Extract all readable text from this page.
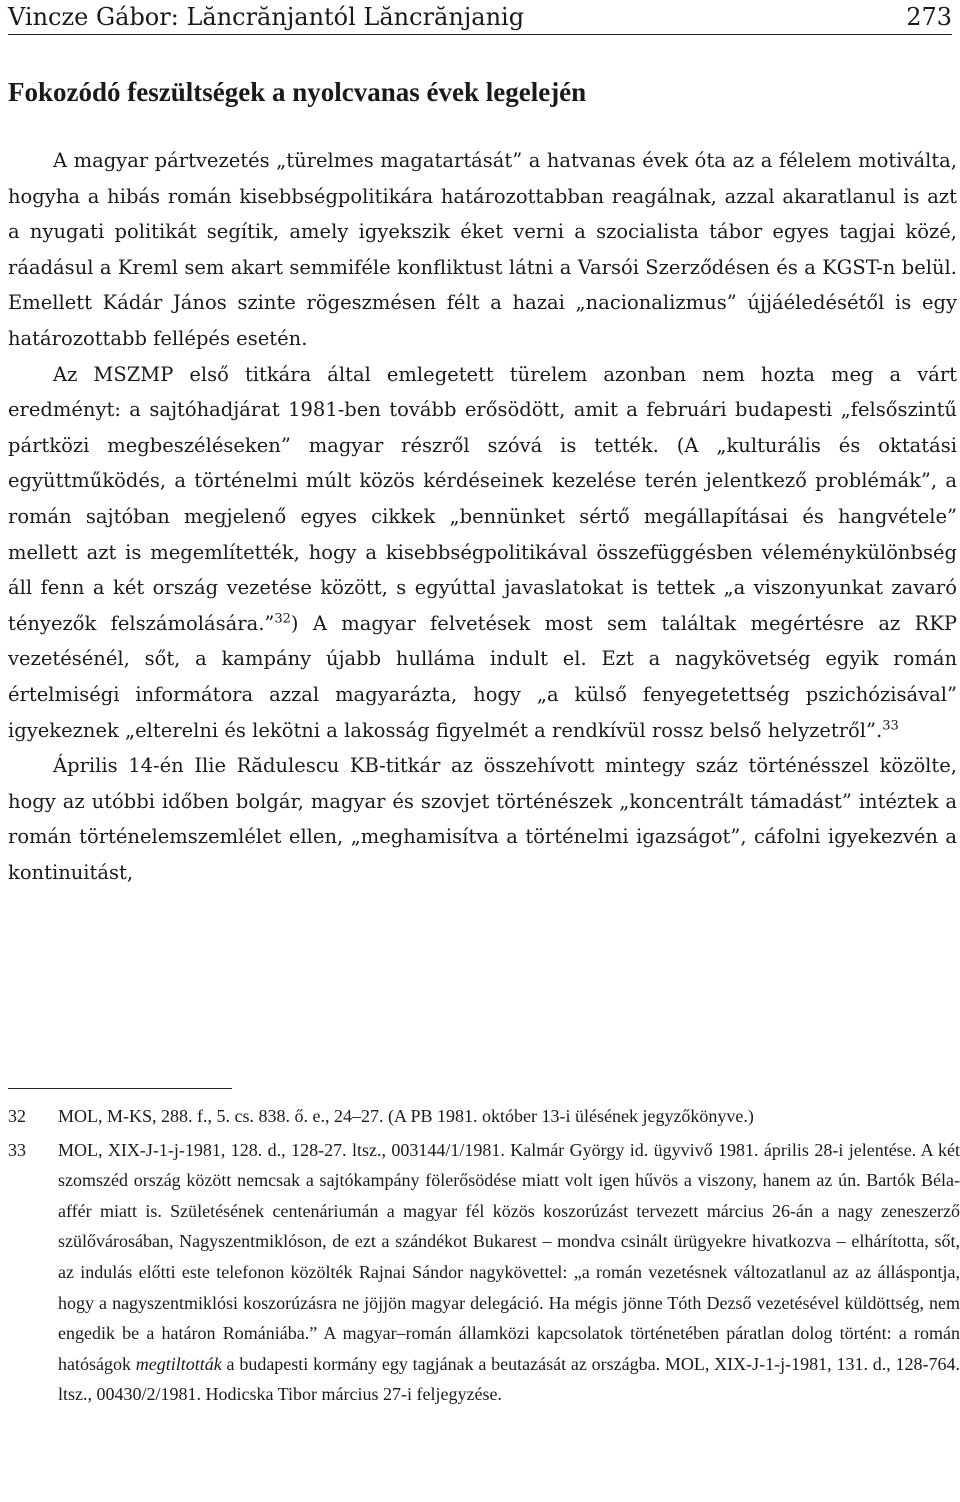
Vincze Gábor: Lăncrănjantól Lăncrănjanig	273
Fokozódó feszültségek a nyolcvanas évek legelején

A magyar pártvezetés „türelmes magatartását” a hatvanas évek óta az a félelem motiválta, hogyha a hibás román kisebbségpolitikára határozottabban reagálnak, azzal akaratlanul is azt a nyugati politikát segítik, amely igyekszik éket verni a szocialista tábor egyes tagjai közé, ráadásul a Kreml sem akart semmiféle konfliktust látni a Varsói Szerződésen és a KGST-n belül. Emellett Kádár János szinte rögeszmésen félt a hazai „nacionalizmus” újjáéledésétől is egy határozottabb fellépés esetén.

Az MSZMP első titkára által emlegetett türelem azonban nem hozta meg a várt eredményt: a sajtóhadjárat 1981-ben tovább erősödött, amit a februári budapesti „felsőszintű pártközi megbeszéléseken” magyar részről szóvá is tették. (A „kulturális és oktatási együttműködés, a történelmi múlt közös kérdéseinek kezelése terén jelentkező problémák”, a román sajtóban megjelenő egyes cikkek „bennünket sértő megállapításai és hangvétele” mellett azt is megemlítették, hogy a kisebbségpolitikával összefüggésben véleménykülönbség áll fenn a két ország vezetése között, s egyúttal javaslatokat is tettek „a viszonyunkat zavaró tényezők felszámolására.”$^{32}$) A magyar felvetések most sem találtak megértésre az RKP vezetésénél, sőt, a kampány újabb hulláma indult el. Ezt a nagykövetség egyik román értelmiségi informátora azzal magyarázta, hogy „a külső fenyegetettség pszichózisával” igyekeznek „elterelni és lekötni a lakosság figyelmét a rendkívül rossz belső helyzetről”.$^{33}$

Április 14-én Ilie Rădulescu KB-titkár az összehívott mintegy száz történésszel közölte, hogy az utóbbi időben bolgár, magyar és szovjet történészek „koncentrált támadást” intéztek a román történelemszemlélet ellen, „meghamisítva a történelmi igazságot”, cáfolni igyekezvén a kontinuitást,

32 MOL, M-KS, 288. f., 5. cs. 838. ő. e., 24–27. (A PB 1981. október 13-i ülésének jegyzőkönyve.)
33 MOL, XIX-J-1-j-1981, 128. d., 128-27. ltsz., 003144/1/1981. Kalmár György id. ügyvivő 1981. április 28-i jelentése. A két szomszéd ország között nemcsak a sajtókampány fölerősödése miatt volt igen hűvös a viszony, hanem az ún. Bartók Béla-affér miatt is. Születésének centenáriumán a magyar fél közös koszorúzást tervezett március 26-án a nagy zeneszerző szülővárosában, Nagyszentmiklóson, de ezt a szándékot Bukarest – mondva csinált ürügyekre hivatkozva – elhárította, sőt, az indulás előtti este telefonon közölték Rajnai Sándor nagykövettel: „a román vezetésnek változatlanul az az álláspontja, hogy a nagyszentmiklósi koszorúzásra ne jöjjön magyar delegáció. Ha mégis jönne Tóth Dezső vezetésével küldöttség, nem engedik be a határon Romániába.” A magyar–román államközi kapcsolatok történetében páratlan dolog történt: a román hatóságok megtiltották a budapesti kormány egy tagjának a beutazását az országba. MOL, XIX-J-1-j-1981, 131. d., 128-764. ltsz., 00430/2/1981. Hodicska Tibor március 27-i feljegyzése.
